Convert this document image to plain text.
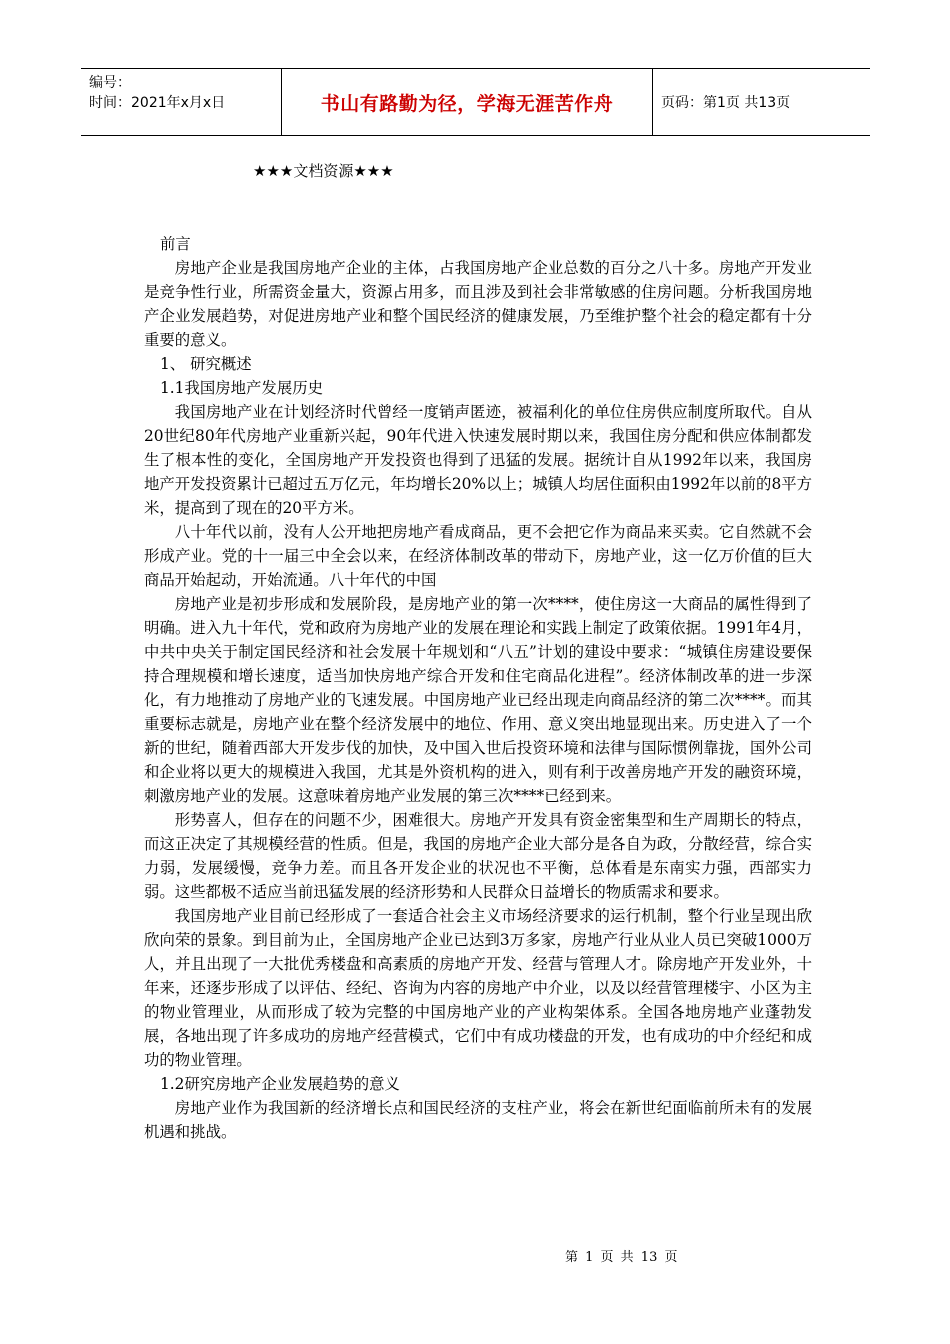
编号：
时间：2021年x月x日	书山有路勤为径，学海无涯苦作舟	页码：第1页 共13页
★★★文档资源★★★

前言

房地产企业是我国房地产企业的主体，占我国房地产企业总数的百分之八十多。房地产开发业是竞争性行业，所需资金量大，资源占用多，而且涉及到社会非常敏感的住房问题。分析我国房地产企业发展趋势，对促进房地产业和整个国民经济的健康发展，乃至维护整个社会的稳定都有十分重要的意义。

1、 研究概述

1.1我国房地产发展历史

我国房地产业在计划经济时代曾经一度销声匿迹，被福利化的单位住房供应制度所取代。自从20世纪80年代房地产业重新兴起，90年代进入快速发展时期以来，我国住房分配和供应体制都发生了根本性的变化，全国房地产开发投资也得到了迅猛的发展。据统计自从1992年以来，我国房地产开发投资累计已超过五万亿元，年均增长20%以上；城镇人均居住面积由1992年以前的8平方米，提高到了现在的20平方米。

八十年代以前，没有人公开地把房地产看成商品，更不会把它作为商品来买卖。它自然就不会形成产业。党的十一届三中全会以来，在经济体制改革的带动下，房地产业，这一亿万价值的巨大商品开始起动，开始流通。八十年代的中国

房地产业是初步形成和发展阶段，是房地产业的第一次****，使住房这一大商品的属性得到了明确。进入九十年代，党和政府为房地产业的发展在理论和实践上制定了政策依据。1991年4月，中共中央关于制定国民经济和社会发展十年规划和“八五”计划的建设中要求：“城镇住房建设要保持合理规模和增长速度，适当加快房地产综合开发和住宅商品化进程”。经济体制改革的进一步深化，有力地推动了房地产业的飞速发展。中国房地产业已经出现走向商品经济的第二次****。而其重要标志就是，房地产业在整个经济发展中的地位、作用、意义突出地显现出来。历史进入了一个新的世纪，随着西部大开发步伐的加快，及中国入世后投资环境和法律与国际惯例靠拢，国外公司和企业将以更大的规模进入我国，尤其是外资机构的进入，则有利于改善房地产开发的融资环境，刺激房地产业的发展。这意味着房地产业发展的第三次****已经到来。

形势喜人，但存在的问题不少，困难很大。房地产开发具有资金密集型和生产周期长的特点，而这正决定了其规模经营的性质。但是，我国的房地产企业大部分是各自为政，分散经营，综合实力弱，发展缓慢，竞争力差。而且各开发企业的状况也不平衡，总体看是东南实力强，西部实力弱。这些都极不适应当前迅猛发展的经济形势和人民群众日益增长的物质需求和要求。

我国房地产业目前已经形成了一套适合社会主义市场经济要求的运行机制，整个行业呈现出欣欣向荣的景象。到目前为止，全国房地产企业已达到3万多家，房地产行业从业人员已突破1000万人，并且出现了一大批优秀楼盘和高素质的房地产开发、经营与管理人才。除房地产开发业外，十年来，还逐步形成了以评估、经纪、咨询为内容的房地产中介业，以及以经营管理楼宇、小区为主的物业管理业，从而形成了较为完整的中国房地产业的产业构架体系。全国各地房地产业蓬勃发展，各地出现了许多成功的房地产经营模式，它们中有成功楼盘的开发，也有成功的中介经纪和成功的物业管理。

1.2研究房地产企业发展趋势的意义

房地产业作为我国新的经济增长点和国民经济的支柱产业，将会在新世纪面临前所未有的发展机遇和挑战。

第 1 页 共 13 页
